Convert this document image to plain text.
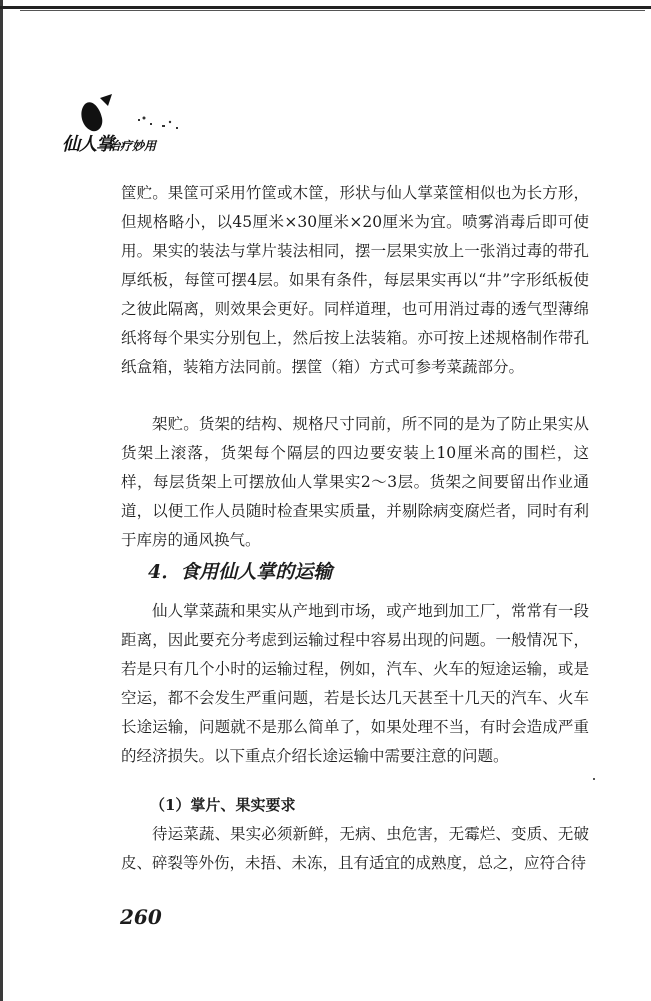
仙人掌
治疗妙用

筐贮。果筐可采用竹筐或木筐，形状与仙人掌菜筐相似也为长方形，但规格略小，以45厘米×30厘米×20厘米为宜。喷雾消毒后即可使用。果实的装法与掌片装法相同，摆一层果实放上一张消过毒的带孔厚纸板，每筐可摆4层。如果有条件，每层果实再以“井”字形纸板使之彼此隔离，则效果会更好。同样道理，也可用消过毒的透气型薄绵纸将每个果实分别包上，然后按上法装箱。亦可按上述规格制作带孔纸盒箱，装箱方法同前。摆筐（箱）方式可参考菜蔬部分。

架贮。货架的结构、规格尺寸同前，所不同的是为了防止果实从货架上滚落，货架每个隔层的四边要安装上10厘米高的围栏，这样，每层货架上可摆放仙人掌果实2～3层。货架之间要留出作业通道，以便工作人员随时检查果实质量，并剔除病变腐烂者，同时有利于库房的通风换气。

4．食用仙人掌的运输

仙人掌菜蔬和果实从产地到市场，或产地到加工厂，常常有一段距离，因此要充分考虑到运输过程中容易出现的问题。一般情况下，若是只有几个小时的运输过程，例如，汽车、火车的短途运输，或是空运，都不会发生严重问题，若是长达几天甚至十几天的汽车、火车长途运输，问题就不是那么简单了，如果处理不当，有时会造成严重的经济损失。以下重点介绍长途运输中需要注意的问题。

（1）掌片、果实要求

待运菜蔬、果实必须新鲜，无病、虫危害，无霉烂、变质、无破皮、碎裂等外伤，未捂、未冻，且有适宜的成熟度，总之，应符合待

260
